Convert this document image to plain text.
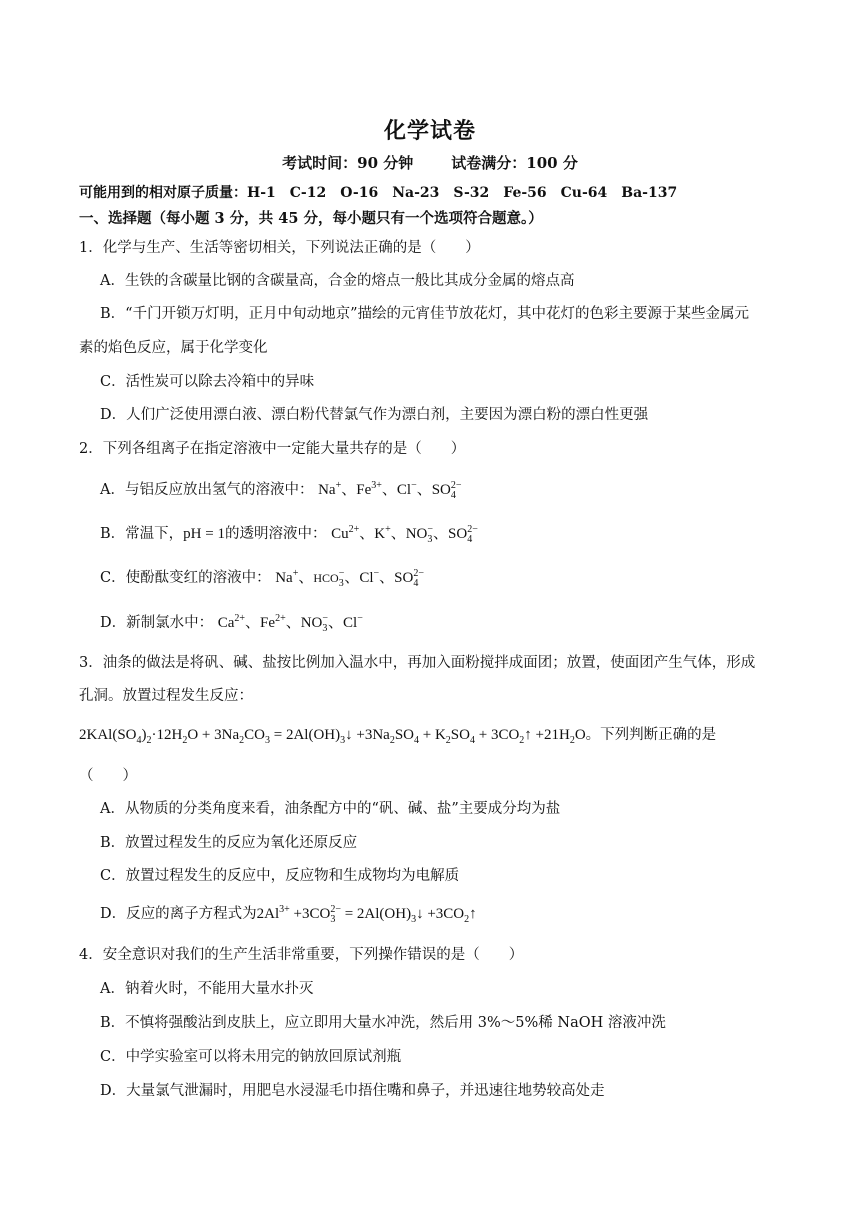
化学试卷
考试时间：90 分钟	试卷满分：100 分
可能用到的相对原子质量：H-1　C-12　O-16　Na-23　S-32　Fe-56　Cu-64　Ba-137
一、选择题（每小题 3 分，共 45 分，每小题只有一个选项符合题意。）
1．化学与生产、生活等密切相关，下列说法正确的是（　　）
A．生铁的含碳量比钢的含碳量高，合金的熔点一般比其成分金属的熔点高
B．“千门开锁万灯明，正月中旬动地京”描绘的元宵佳节放花灯，其中花灯的色彩主要源于某些金属元
素的焰色反应，属于化学变化
C．活性炭可以除去冷箱中的异味
D．人们广泛使用漂白液、漂白粉代替氯气作为漂白剂，主要因为漂白粉的漂白性更强
2．下列各组离子在指定溶液中一定能大量共存的是（　　）
A．与铝反应放出氢气的溶液中： Na+、$Fe^{3+}$、Cl−、$SO_4^{2-}$
B．常温下，pH = 1的透明溶液中： $Cu^{2+}$、K+、$NO_3^-$、$SO_4^{2-}$
C．使酚酞变红的溶液中： Na+、$HCO_3^-$、Cl−、$SO_4^{2-}$
D．新制氯水中： $Ca^{2+}$、$Fe^{2+}$、$NO_3^-$、Cl−
3．油条的做法是将矾、碱、盐按比例加入温水中，再加入面粉搅拌成面团；放置，使面团产生气体，形成
孔洞。放置过程发生反应：
$2KAl(SO_4)_2\cdot 12H_2O + 3Na_2CO_3$ = $2Al(OH)_3↓ +3Na_2SO_4 + K_2SO_4$ + $3CO_2↑ +21H_2O$。下列判断正确的是
（　　）
A．从物质的分类角度来看，油条配方中的“矾、碱、盐”主要成分均为盐
B．放置过程发生的反应为氧化还原反应
C．放置过程发生的反应中，反应物和生成物均为电解质
D．反应的离子方程式为$2Al^{3+} +3CO_3^{2-}$ = $2Al(OH)_3↓$ $+3CO_2↑$
4．安全意识对我们的生产生活非常重要，下列操作错误的是（　　）
A．钠着火时，不能用大量水扑灭
B．不慎将强酸沾到皮肤上，应立即用大量水冲洗，然后用 3%～5%稀 NaOH 溶液冲洗
C．中学实验室可以将未用完的钠放回原试剂瓶
D．大量氯气泄漏时，用肥皂水浸湿毛巾捂住嘴和鼻子，并迅速往地势较高处走
